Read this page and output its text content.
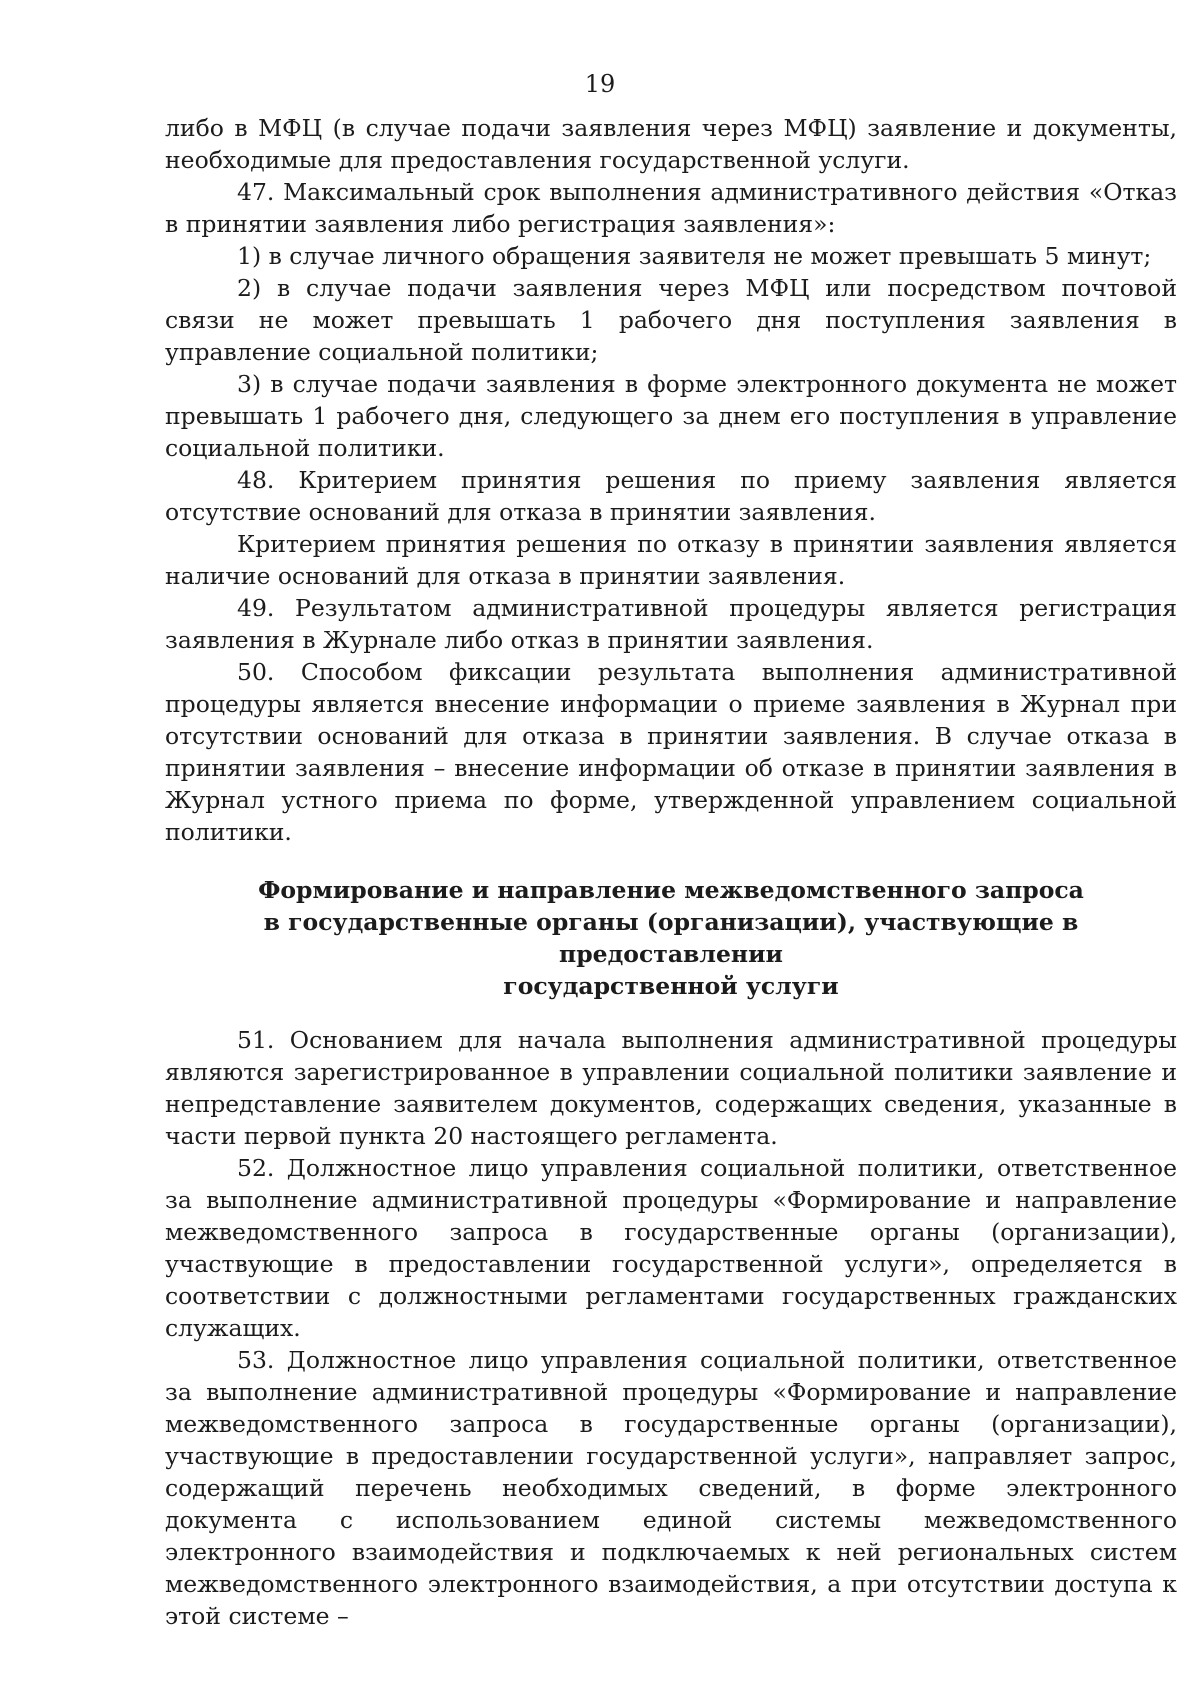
19

либо в МФЦ (в случае подачи заявления через МФЦ) заявление и документы, необходимые для предоставления государственной услуги.

47. Максимальный срок выполнения административного действия «Отказ в принятии заявления либо регистрация заявления»:

1) в случае личного обращения заявителя не может превышать 5 минут;

2) в случае подачи заявления через МФЦ или посредством почтовой связи не может превышать 1 рабочего дня поступления заявления в управление социальной политики;

3) в случае подачи заявления в форме электронного документа не может превышать 1 рабочего дня, следующего за днем его поступления в управление социальной политики.

48. Критерием принятия решения по приему заявления является отсутствие оснований для отказа в принятии заявления.

Критерием принятия решения по отказу в принятии заявления является наличие оснований для отказа в принятии заявления.

49. Результатом административной процедуры является регистрация заявления в Журнале либо отказ в принятии заявления.

50. Способом фиксации результата выполнения административной процедуры является внесение информации о приеме заявления в Журнал при отсутствии оснований для отказа в принятии заявления. В случае отказа в принятии заявления – внесение информации об отказе в принятии заявления в Журнал устного приема по форме, утвержденной управлением социальной политики.

Формирование и направление межведомственного запроса
в государственные органы (организации), участвующие в предоставлении
государственной услуги

51. Основанием для начала выполнения административной процедуры являются зарегистрированное в управлении социальной политики заявление и непредставление заявителем документов, содержащих сведения, указанные в части первой пункта 20 настоящего регламента.

52. Должностное лицо управления социальной политики, ответственное за выполнение административной процедуры «Формирование и направление межведомственного запроса в государственные органы (организации), участвующие в предоставлении государственной услуги», определяется в соответствии с должностными регламентами государственных гражданских служащих.

53. Должностное лицо управления социальной политики, ответственное за выполнение административной процедуры «Формирование и направление межведомственного запроса в государственные органы (организации), участвующие в предоставлении государственной услуги», направляет запрос, содержащий перечень необходимых сведений, в форме электронного документа с использованием единой системы межведомственного электронного взаимодействия и подключаемых к ней региональных систем межведомственного электронного взаимодействия, а при отсутствии доступа к этой системе –
